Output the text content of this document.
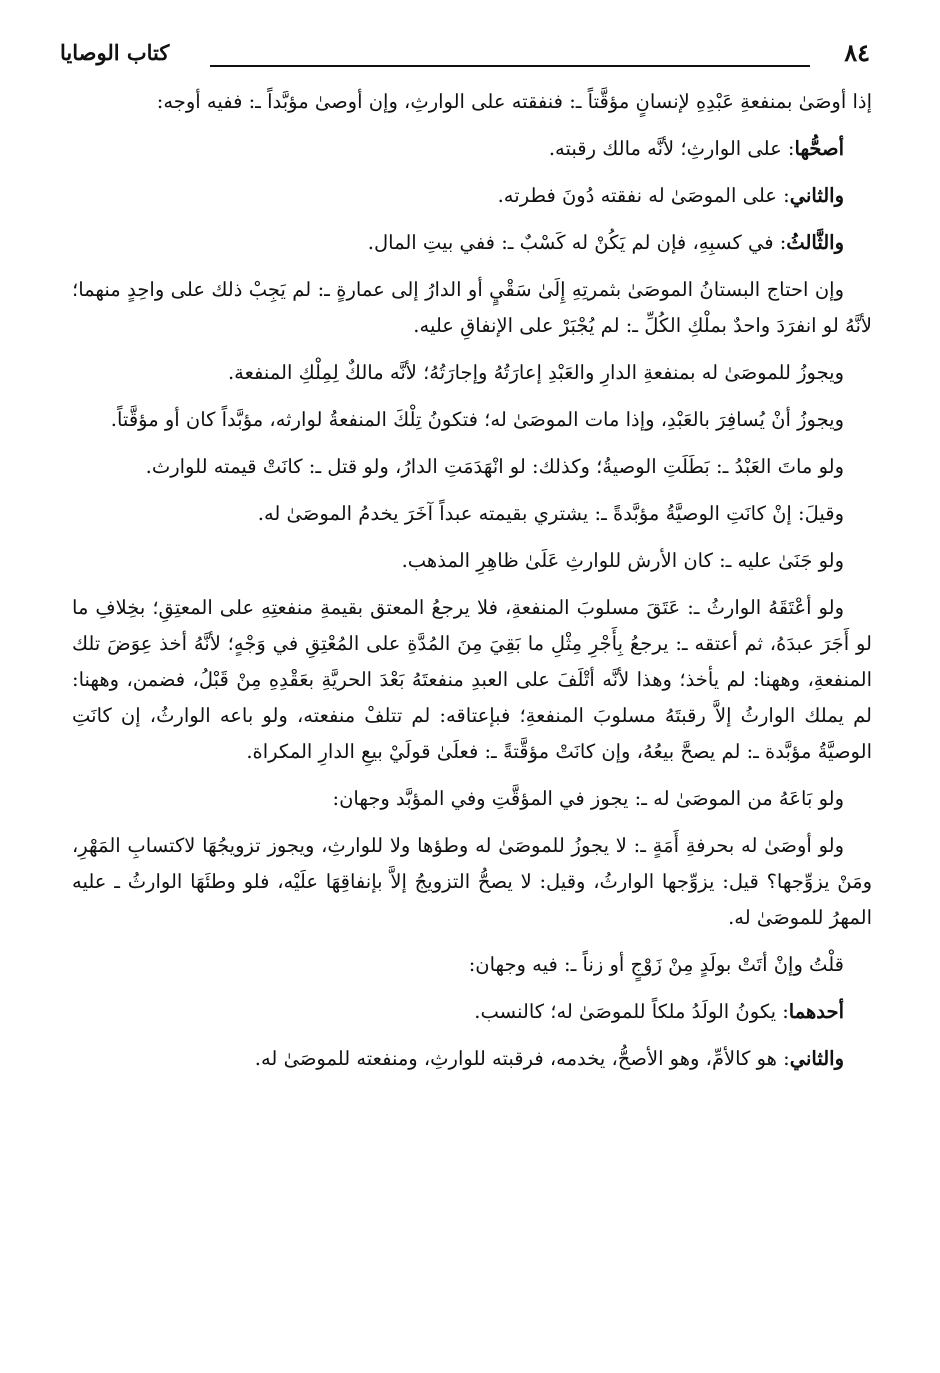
٨٤
كتاب الوصايا

إذا أوصَىٰ بمنفعةِ عَبْدِهِ لإنسانٍ مؤقَّتاً ـ: فنفقته على الوارثِ، وإن أوصىٰ مؤبَّداً ـ: ففيه أوجه:

أصحُّها: على الوارثِ؛ لأنَّه مالك رقبته.

والثاني: على الموصَىٰ له نفقته دُونَ فطرته.

والثَّالثُ: في كسبِهِ، فإن لم يَكُنْ له كَسْبٌ ـ: ففي بيتِ المال.

وإن احتاج البستانُ الموصَىٰ بثمرتِهِ إِلَىٰ سَقْيٍ أو الدارُ إلى عمارةٍ ـ: لم يَجِبْ ذلك على واحِدٍ منهما؛ لأنَّهُ لو انفرَدَ واحدٌ بملْكِ الكُلِّ ـ: لم يُجْبَرْ على الإنفاقِ عليه.

ويجوزُ للموصَىٰ له بمنفعةِ الدارِ والعَبْدِ إعارَتُهُ وإجارَتُهُ؛ لأنَّه مالكٌ لِمِلْكِ المنفعة.

ويجوزُ أنْ يُسافِرَ بالعَبْدِ، وإذا مات الموصَىٰ له؛ فتكونُ تِلْكَ المنفعةُ لوارثه، مؤبَّداً كان أو مؤقَّتاً.

ولو ماتَ العَبْدُ ـ: بَطَلَتِ الوصيةُ؛ وكذلك: لو انْهَدَمَتِ الدارُ، ولو قتل ـ: كانَتْ قيمته للوارث.

وقيلَ: إنْ كانَتِ الوصيَّةُ مؤبَّدةً ـ: يشتري بقيمته عبداً آخَرَ يخدمُ الموصَىٰ له.

ولو جَنَىٰ عليه ـ: كان الأرش للوارثِ عَلَىٰ ظاهِرِ المذهب.

ولو أعْتَقَهُ الوارثُ ـ: عَتَقَ مسلوبَ المنفعةِ، فلا يرجعُ المعتق بقيمةِ منفعتِهِ على المعتِقِ؛ بخِلافِ ما لو أَجَرَ عبدَهُ، ثم أعتقه ـ: يرجعُ بِأَجْرِ مِثْلِ ما بَقِيَ مِنَ المُدَّةِ على المُعْتِقِ في وَجْهٍ؛ لأنَّهُ أخذ عِوَضَ تلك المنفعةِ، وههنا: لم يأخذ؛ وهذا لأنَّه أتْلَفَ على العبدِ منفعتَهُ بَعْدَ الحريَّةِ بعَقْدِهِ مِنْ قَبْلُ، فضمن، وههنا: لم يملك الوارثُ إلاَّ رقبتَهُ مسلوبَ المنفعةِ؛ فبإعتاقه: لم تتلفْ منفعته، ولو باعه الوارثُ، إن كانَتِ الوصيَّةُ مؤبَّدة ـ: لم يصحَّ بيعُهُ، وإن كانَتْ مؤقَّتةً ـ: فعلَىٰ قولَيْ بيعِ الدارِ المكراة.

ولو بَاعَهُ من الموصَىٰ له ـ: يجوز في المؤقَّتِ وفي المؤبَّد وجهان:

ولو أوصَىٰ له بحرفةِ أَمَةٍ ـ: لا يجوزُ للموصَىٰ له وطؤها ولا للوارثِ، ويجوز تزويجُهَا لاكتسابِ المَهْرِ، ومَنْ يزوِّجها؟ قيل: يزوِّجها الوارثُ، وقيل: لا يصحُّ التزويجُ إلاَّ بإنفاقِهَا علَيْه، فلو وطئَهَا الوارثُ ـ عليه المهرُ للموصَىٰ له.

قلْتُ وإنْ أتَتْ بولَدٍ مِنْ زَوْجٍ أو زناً ـ: فيه وجهان:

أحدهما: يكونُ الولَدُ ملكاً للموصَىٰ له؛ كالنسب.

والثاني: هو كالأمِّ، وهو الأصحُّ، يخدمه، فرقبته للوارثِ، ومنفعته للموصَىٰ له.
